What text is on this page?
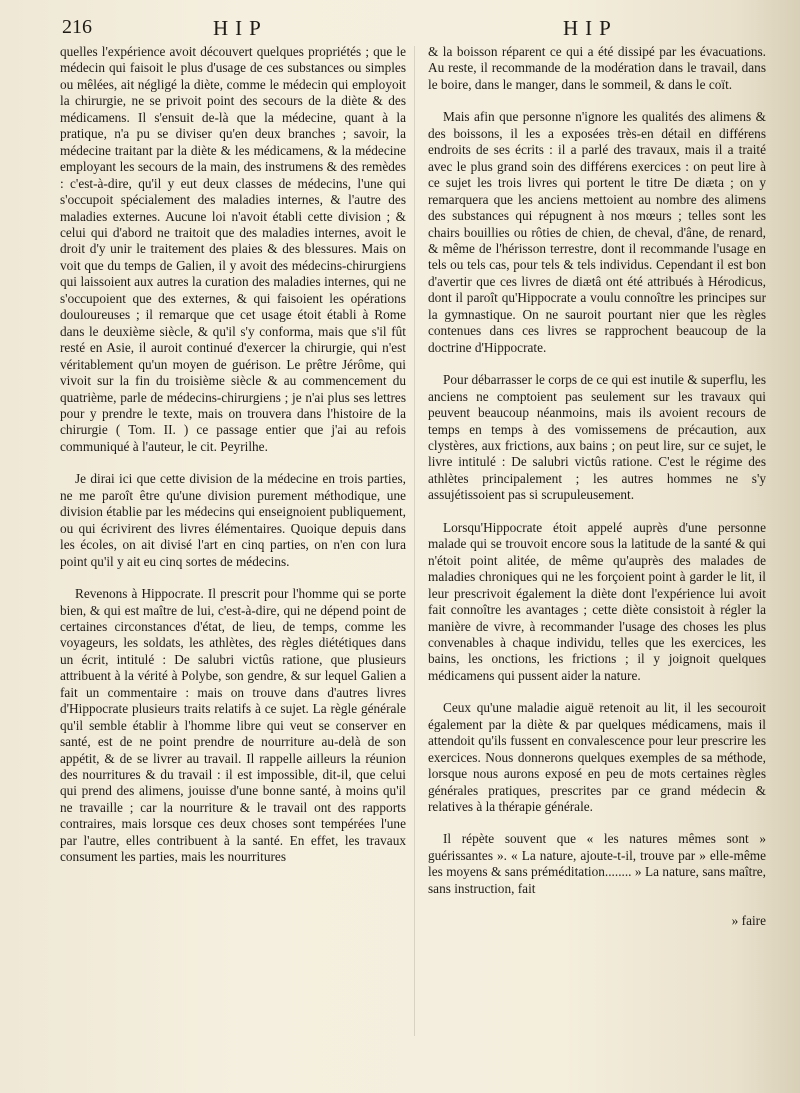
216	HIP	HIP

quelles l'expérience avoit découvert quelques propriétés ; que le médecin qui faisoit le plus d'usage de ces substances ou simples ou mêlées, ait négligé la diète, comme le médecin qui employoit la chirurgie, ne se privoit point des secours de la diète & des médicamens. Il s'ensuit de-là que la médecine, quant à la pratique, n'a pu se diviser qu'en deux branches ; savoir, la médecine traitant par la diète & les médicamens, & la médecine employant les secours de la main, des instrumens & des remèdes : c'est-à-dire, qu'il y eut deux classes de médecins, l'une qui s'occupoit spécialement des maladies internes, & l'autre des maladies externes. Aucune loi n'avoit établi cette division ; & celui qui d'abord ne traitoit que des maladies internes, avoit le droit d'y unir le traitement des plaies & des blessures. Mais on voit que du temps de Galien, il y avoit des médecins-chirurgiens qui laissoient aux autres la curation des maladies internes, qui ne s'occupoient que des externes, & qui faisoient les opérations douloureuses ; il remarque que cet usage étoit établi à Rome dans le deuxième siècle, & qu'il s'y conforma, mais que s'il fût resté en Asie, il auroit continué d'exercer la chirurgie, qui n'est véritablement qu'un moyen de guérison. Le prêtre Jérôme, qui vivoit sur la fin du troisième siècle & au commencement du quatrième, parle de médecins-chirurgiens ; je n'ai plus ses lettres pour y prendre le texte, mais on trouvera dans l'histoire de la chirurgie ( Tom. II. ) ce passage entier que j'ai au refois communiqué à l'auteur, le cit. Peyrilhe.

Je dirai ici que cette division de la médecine en trois parties, ne me paroît être qu'une division purement méthodique, une division établie par les médecins qui enseignoient publiquement, ou qui écrivirent des livres élémentaires. Quoique depuis dans les écoles, on ait divisé l'art en cinq parties, on n'en con lura point qu'il y ait eu cinq sortes de médecins.

Revenons à Hippocrate. Il prescrit pour l'homme qui se porte bien, & qui est maître de lui, c'est-à-dire, qui ne dépend point de certaines circonstances d'état, de lieu, de temps, comme les voyageurs, les soldats, les athlètes, des règles diététiques dans un écrit, intitulé : De salubri victûs ratione, que plusieurs attribuent à la vérité à Polybe, son gendre, & sur lequel Galien a fait un commentaire : mais on trouve dans d'autres livres d'Hippocrate plusieurs traits relatifs à ce sujet. La règle générale qu'il semble établir à l'homme libre qui veut se conserver en santé, est de ne point prendre de nourriture au-delà de son appétit, & de se livrer au travail. Il rappelle ailleurs la réunion des nourritures & du travail : il est impossible, dit-il, que celui qui prend des alimens, jouisse d'une bonne santé, à moins qu'il ne travaille ; car la nourriture & le travail ont des rapports contraires, mais lorsque ces deux choses sont tempérées l'une par l'autre, elles contribuent à la santé. En effet, les travaux consument les parties, mais les nourritures

& la boisson réparent ce qui a été dissipé par les évacuations. Au reste, il recommande de la modération dans le travail, dans le boire, dans le manger, dans le sommeil, & dans le coït.

Mais afin que personne n'ignore les qualités des alimens & des boissons, il les a exposées très-en détail en différens endroits de ses écrits : il a parlé des travaux, mais il a traité avec le plus grand soin des différens exercices : on peut lire à ce sujet les trois livres qui portent le titre De diæta ; on y remarquera que les anciens mettoient au nombre des alimens des substances qui répugnent à nos mœurs ; telles sont les chairs bouillies ou rôties de chien, de cheval, d'âne, de renard, & même de l'hérisson terrestre, dont il recommande l'usage en tels ou tels cas, pour tels & tels individus. Cependant il est bon d'avertir que ces livres de diætâ ont été attribués à Hérodicus, dont il paroît qu'Hippocrate a voulu connoître les principes sur la gymnastique. On ne sauroit pourtant nier que les règles contenues dans ces livres se rapprochent beaucoup de la doctrine d'Hippocrate.

Pour débarrasser le corps de ce qui est inutile & superflu, les anciens ne comptoient pas seulement sur les travaux qui peuvent beaucoup néanmoins, mais ils avoient recours de temps en temps à des vomissemens de précaution, aux clystères, aux frictions, aux bains ; on peut lire, sur ce sujet, le livre intitulé : De salubri victûs ratione. C'est le régime des athlètes principalement ; les autres hommes ne s'y assujétissoient pas si scrupuleusement.

Lorsqu'Hippocrate étoit appelé auprès d'une personne malade qui se trouvoit encore sous la latitude de la santé & qui n'étoit point alitée, de même qu'auprès des malades de maladies chroniques qui ne les forçoient point à garder le lit, il leur prescrivoit également la diète dont l'expérience lui avoit fait connoître les avantages ; cette diète consistoit à régler la manière de vivre, à recommander l'usage des choses les plus convenables à chaque individu, telles que les exercices, les bains, les onctions, les frictions ; il y joignoit quelques médicamens qui pussent aider la nature.

Ceux qu'une maladie aiguë retenoit au lit, il les secouroit également par la diète & par quelques médicamens, mais il attendoit qu'ils fussent en convalescence pour leur prescrire les exercices. Nous donnerons quelques exemples de sa méthode, lorsque nous aurons exposé en peu de mots certaines règles générales pratiques, prescrites par ce grand médecin & relatives à la thérapie générale.

Il répète souvent que « les natures mêmes sont » guérissantes ». « La nature, ajoute-t-il, trouve par » elle-même les moyens & sans préméditation........ » La nature, sans maître, sans instruction, fait

» faire
